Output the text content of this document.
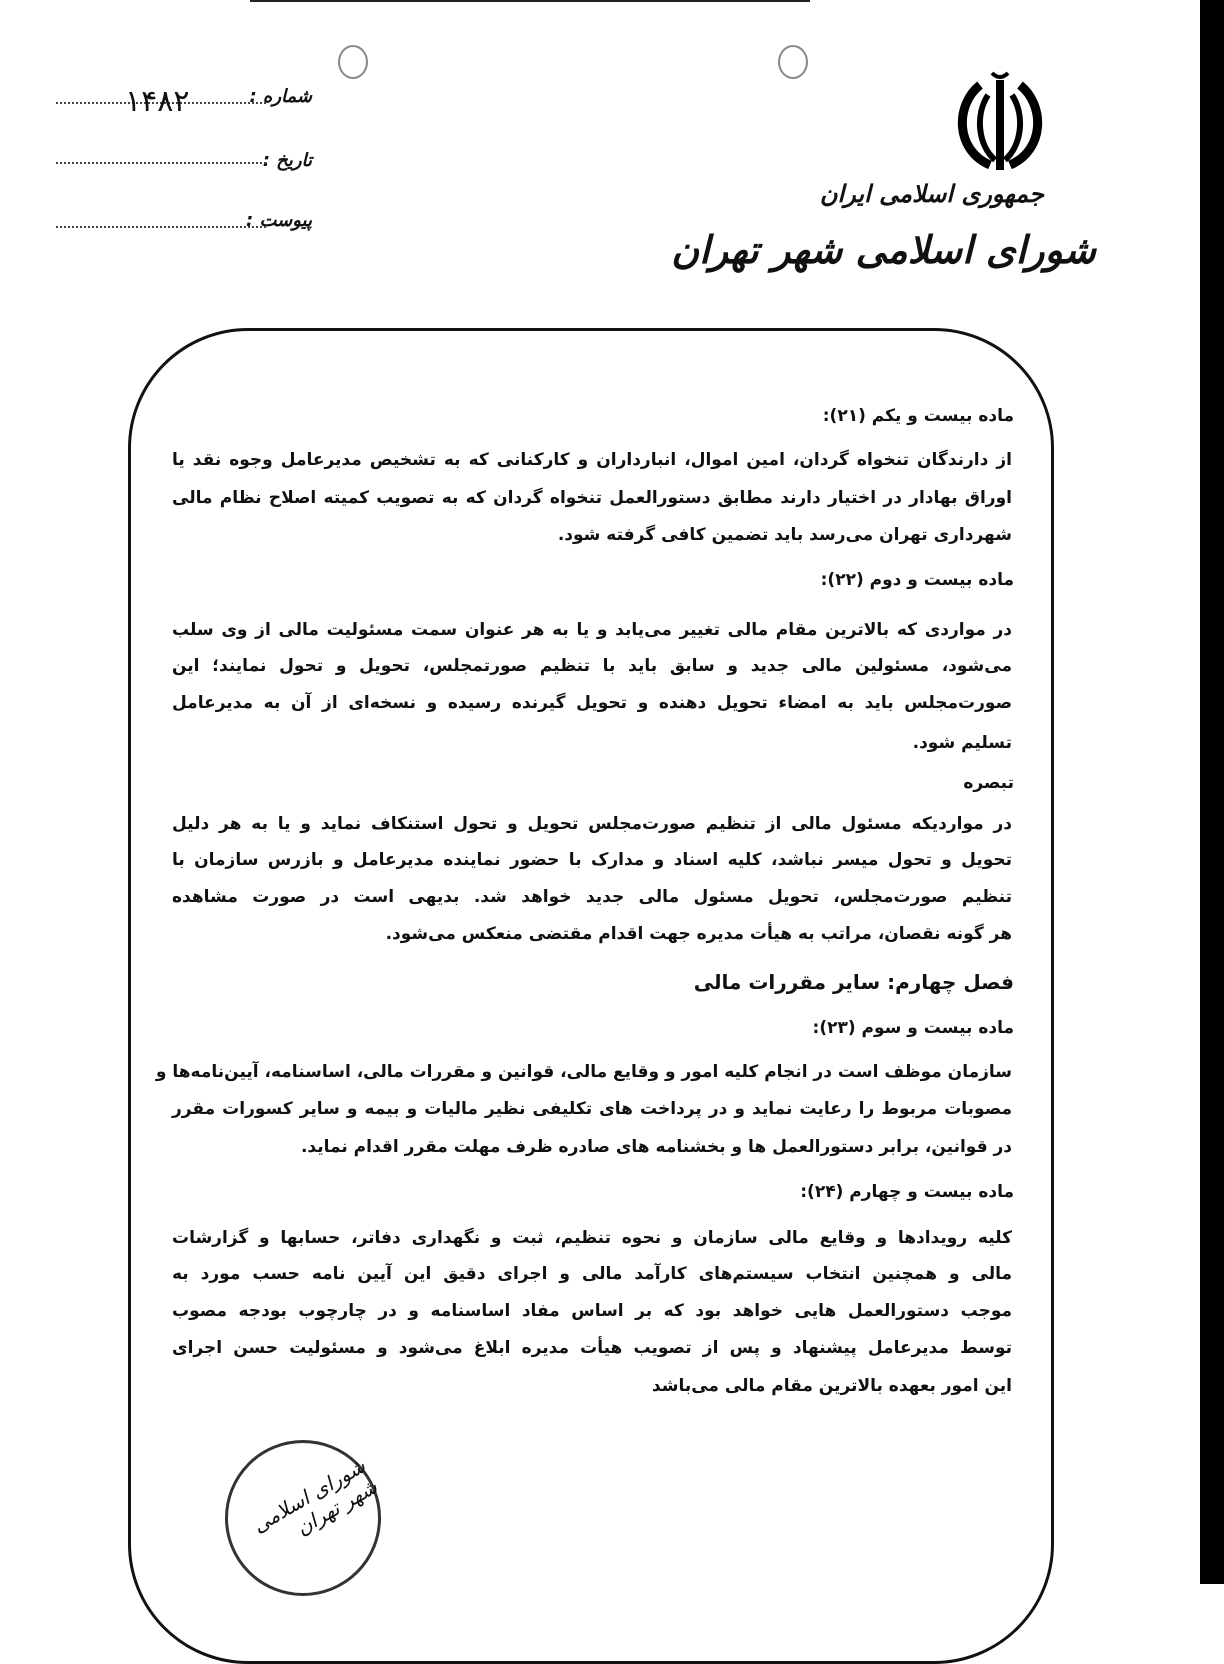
جمهوری اسلامی ایران
شورای اسلامی شهر تهران
شماره :
۱۴۸۲
تاریخ :
پیوست :
ماده بیست و یکم (۲۱):
از دارندگان تنخواه گردان، امین اموال، انبارداران و کارکنانی که به تشخیص مدیرعامل وجوه نقد یا
اوراق بهادار در اختیار دارند مطابق دستورالعمل تنخواه گردان که به تصویب کمیته اصلاح نظام مالی
شهرداری تهران می‌رسد باید تضمین کافی گرفته شود.
ماده بیست و دوم (۲۲):
در مواردی که بالاترین مقام مالی تغییر می‌یابد و یا به هر عنوان سمت مسئولیت مالی از وی سلب
می‌شود، مسئولین مالی جدید و سابق باید با تنظیم صورتمجلس، تحویل و تحول نمایند؛ این
صورت‌مجلس باید به امضاء تحویل دهنده و تحویل گیرنده رسیده و نسخه‌ای از آن به مدیرعامل
تسلیم شود.
تبصره
در مواردیکه مسئول مالی از تنظیم صورت‌مجلس تحویل و تحول استنکاف نماید و یا به هر دلیل
تحویل و تحول میسر نباشد، کلیه اسناد و مدارک با حضور نماینده مدیرعامل و بازرس سازمان با
تنظیم صورت‌مجلس، تحویل مسئول مالی جدید خواهد شد. بدیهی است در صورت مشاهده
هر گونه نقصان، مراتب به هیأت مدیره جهت اقدام مقتضی منعکس می‌شود.
فصل چهارم: سایر مقررات مالی
ماده بیست و سوم (۲۳):
سازمان موظف است در انجام کلیه امور و وقایع مالی، قوانین و مقررات مالی، اساسنامه، آیین‌نامه‌ها و
مصوبات مربوط را رعایت نماید و در پرداخت های تکلیفی نظیر مالیات و بیمه و سایر کسورات مقرر
در قوانین، برابر دستورالعمل ها و بخشنامه های صادره ظرف مهلت مقرر اقدام نماید.
ماده بیست و چهارم (۲۴):
کلیه رویدادها و وقایع مالی سازمان و نحوه تنظیم، ثبت و نگهداری دفاتر، حسابها و گزارشات
مالی و همچنین انتخاب سیستم‌های کارآمد مالی و اجرای دقیق این آیین نامه حسب مورد به
موجب دستورالعمل هایی خواهد بود که بر اساس مفاد اساسنامه و در چارچوب بودجه مصوب
توسط مدیرعامل پیشنهاد و پس از تصویب هیأت مدیره ابلاغ می‌شود و مسئولیت حسن اجرای
این امور بعهده بالاترین مقام مالی می‌باشد
شورای اسلامی شهر تهران
